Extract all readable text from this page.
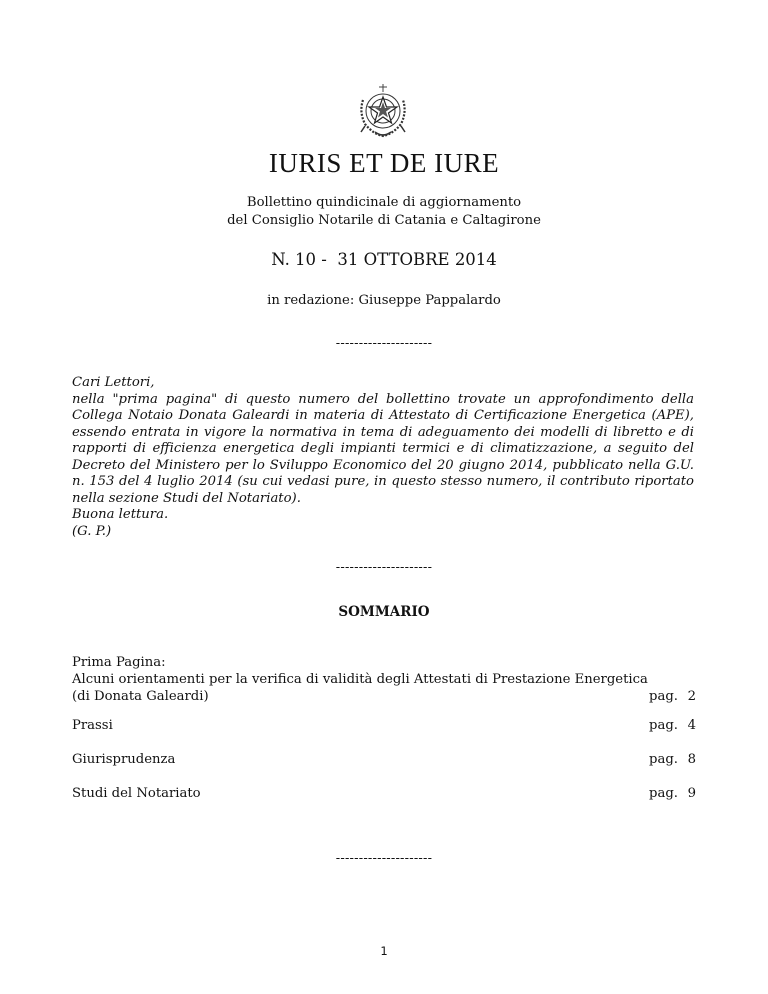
IURIS ET DE IURE
Bollettino quindicinale di aggiornamento
del Consiglio Notarile di Catania e Caltagirone
N. 10 -  31 OTTOBRE 2014
in redazione: Giuseppe Pappalardo
---------------------

Cari Lettori,

nella "prima pagina" di questo numero del bollettino trovate un approfondimento della Collega Notaio Donata Galeardi in materia di Attestato di Certificazione Energetica (APE), essendo entrata in vigore la normativa in tema di adeguamento dei modelli di libretto e di rapporti di efficienza energetica degli impianti termici e di climatizzazione, a seguito del Decreto del Ministero per lo Sviluppo Economico del 20 giugno 2014, pubblicato nella G.U. n. 153 del 4 luglio 2014 (su cui vedasi pure, in questo stesso numero, il contributo riportato nella sezione Studi del Notariato).

Buona lettura.

(G. P.)

---------------------
SOMMARIO
Prima Pagina:
Alcuni orientamenti per la verifica di validità degli Attestati di Prestazione Energetica
(di Donata Galeardi)	pag. 2
Prassi	pag. 4
Giurisprudenza	pag. 8
Studi del Notariato	pag. 9
---------------------
1
